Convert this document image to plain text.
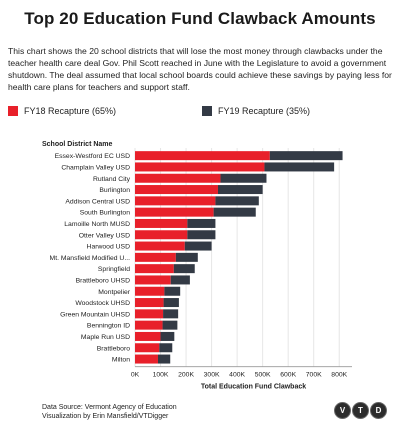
Top 20 Education Fund Clawback Amounts
This chart shows the 20 school districts that will lose the most money through clawbacks under the teacher health care deal Gov. Phil Scott reached in June with the Legislature to avoid a government shutdown. The deal assumed that local school boards could achieve these savings by paying less for health care plans for teachers and support staff.
FY18 Recapture (65%)	FY19 Recapture (35%)
School District Name
Essex-Westford EC USD
Champlain Valley USD
Rutland City
Burlington
Addison Central USD
South Burlington
Lamoille North MUSD
Otter Valley USD
Harwood USD
Mt. Mansfield Modified U...
Springfield
Brattleboro UHSD
Montpelier
Woodstock UHSD
Green Mountain UHSD
Bennington ID
Maple Run USD
Brattleboro
Milton
0K 100K 200K 300K 400K 500K 600K 700K 800K
Total Education Fund Clawback
Data Source: Vermont Agency of Education
Visualization by Erin Mansfield/VTDigger
V	T	D
